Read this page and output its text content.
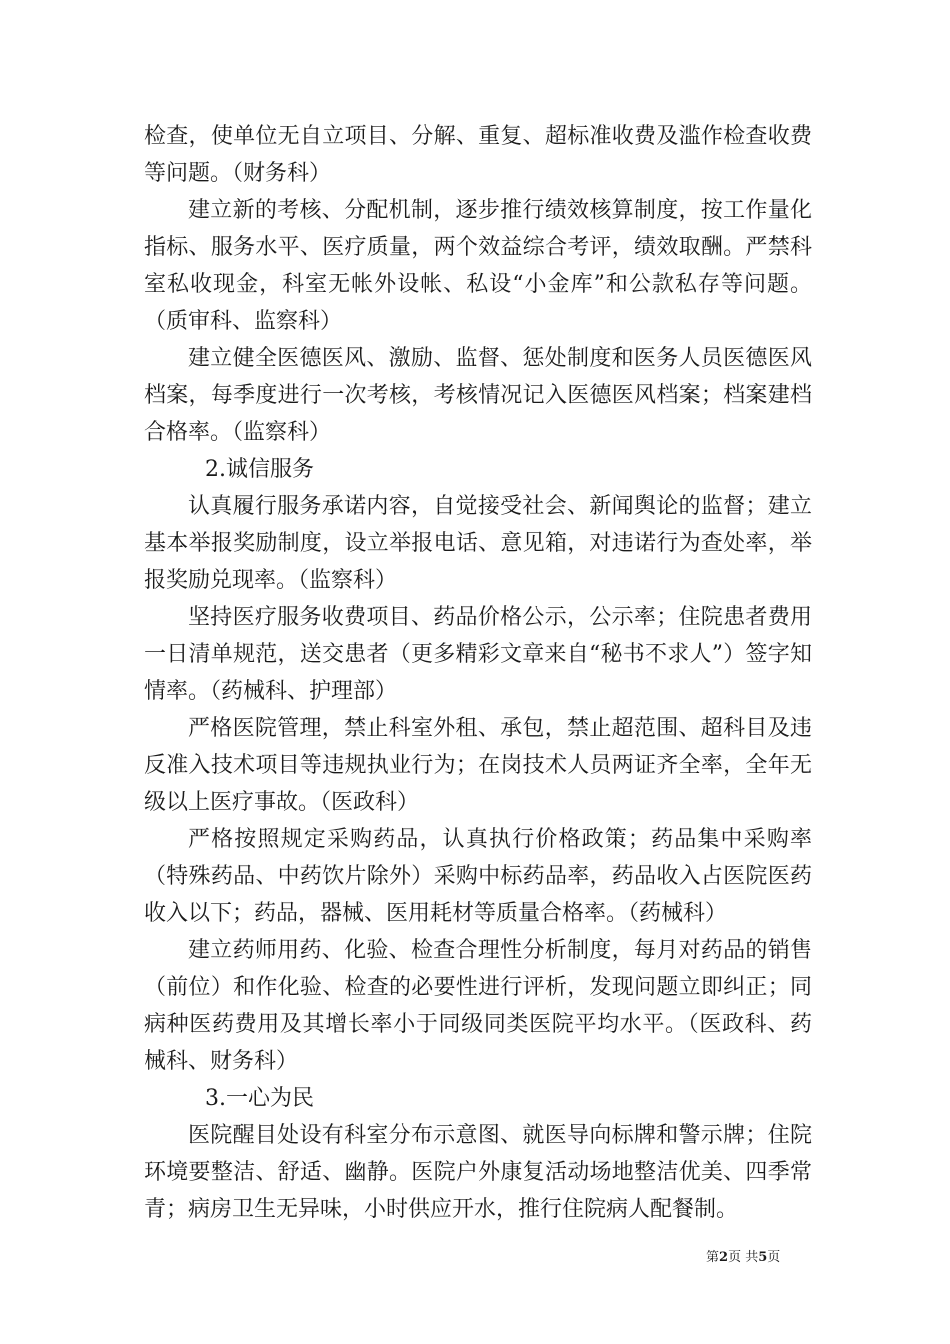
检查，使单位无自立项目、分解、重复、超标准收费及滥作检查收费等问题。（财务科）

建立新的考核、分配机制，逐步推行绩效核算制度，按工作量化指标、服务水平、医疗质量，两个效益综合考评，绩效取酬。严禁科室私收现金，科室无帐外设帐、私设“小金库”和公款私存等问题。（质审科、监察科）

建立健全医德医风、激励、监督、惩处制度和医务人员医德医风档案，每季度进行一次考核，考核情况记入医德医风档案；档案建档合格率。（监察科）

2.诚信服务

认真履行服务承诺内容，自觉接受社会、新闻舆论的监督；建立基本举报奖励制度，设立举报电话、意见箱，对违诺行为查处率，举报奖励兑现率。（监察科）

坚持医疗服务收费项目、药品价格公示，公示率；住院患者费用一日清单规范，送交患者（更多精彩文章来自“秘书不求人”）签字知情率。（药械科、护理部）

严格医院管理，禁止科室外租、承包，禁止超范围、超科目及违反准入技术项目等违规执业行为；在岗技术人员两证齐全率，全年无级以上医疗事故。（医政科）

严格按照规定采购药品，认真执行价格政策；药品集中采购率（特殊药品、中药饮片除外）采购中标药品率，药品收入占医院医药收入以下；药品，器械、医用耗材等质量合格率。（药械科）

建立药师用药、化验、检查合理性分析制度，每月对药品的销售（前位）和作化验、检查的必要性进行评析，发现问题立即纠正；同病种医药费用及其增长率小于同级同类医院平均水平。（医政科、药械科、财务科）

3.一心为民

医院醒目处设有科室分布示意图、就医导向标牌和警示牌；住院环境要整洁、舒适、幽静。医院户外康复活动场地整洁优美、四季常青；病房卫生无异味，小时供应开水，推行住院病人配餐制。

第2页 共5页
